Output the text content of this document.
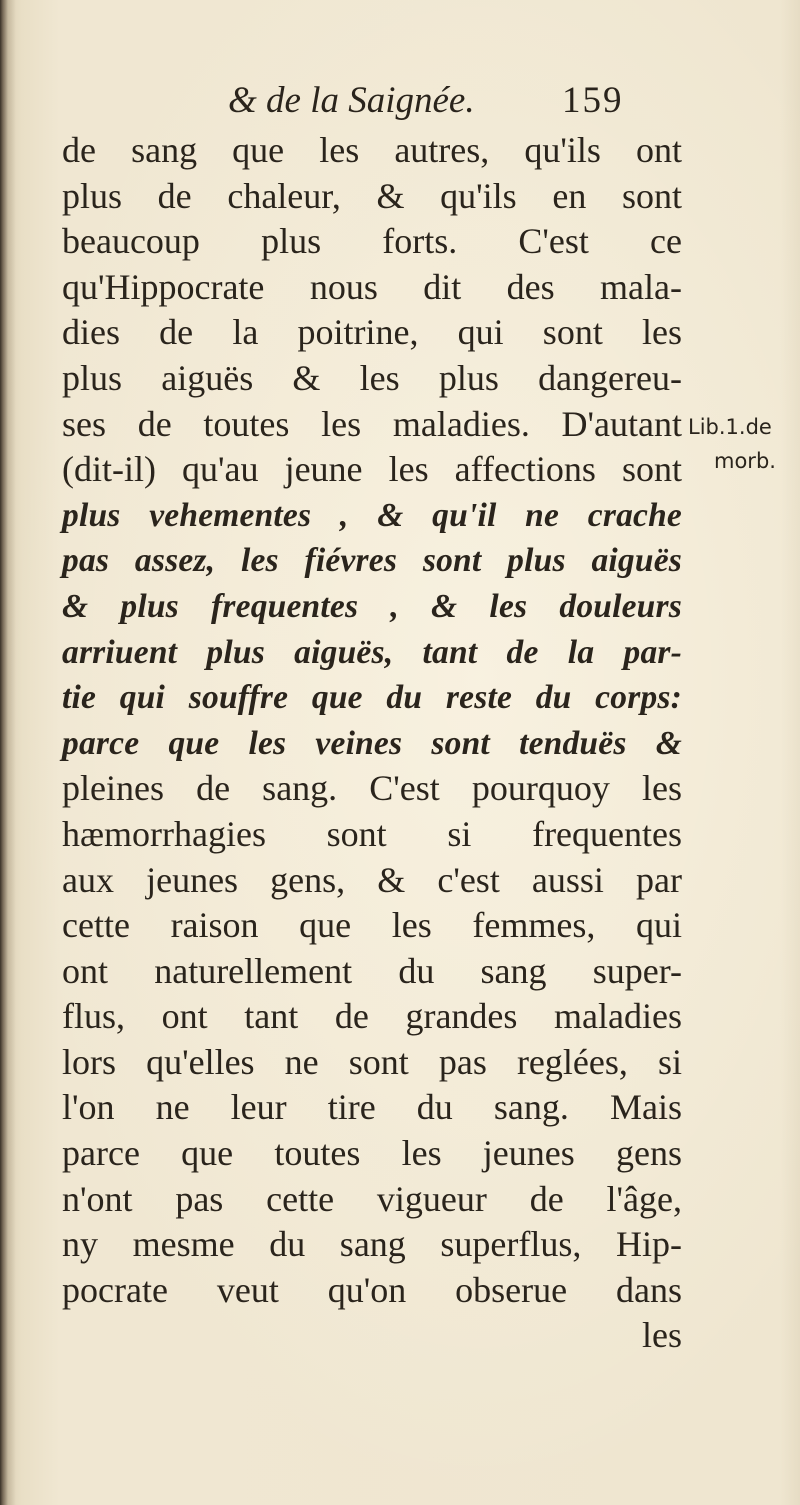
& de la Saignée. 159
de sang que les autres, qu'ils ont
plus de chaleur, & qu'ils en sont
beaucoup plus forts. C'est ce
qu'Hippocrate nous dit des mala-
dies de la poitrine, qui sont les
plus aiguës & les plus dangereu-
ses de toutes les maladies. D'autant
(dit-il) qu'au jeune les affections sont
plus vehementes , & qu'il ne crache
pas assez, les fiévres sont plus aiguës
& plus frequentes , & les douleurs
arriuent plus aiguës, tant de la par-
tie qui souffre que du reste du corps:
parce que les veines sont tenduës &
pleines de sang. C'est pourquoy les
hæmorrhagies sont si frequentes
aux jeunes gens, & c'est aussi par
cette raison que les femmes, qui
ont naturellement du sang super-
flus, ont tant de grandes maladies
lors qu'elles ne sont pas reglées, si
l'on ne leur tire du sang. Mais
parce que toutes les jeunes gens
n'ont pas cette vigueur de l'âge,
ny mesme du sang superflus, Hip-
pocrate veut qu'on obserue dans
les
Lib.1.de
morb.
